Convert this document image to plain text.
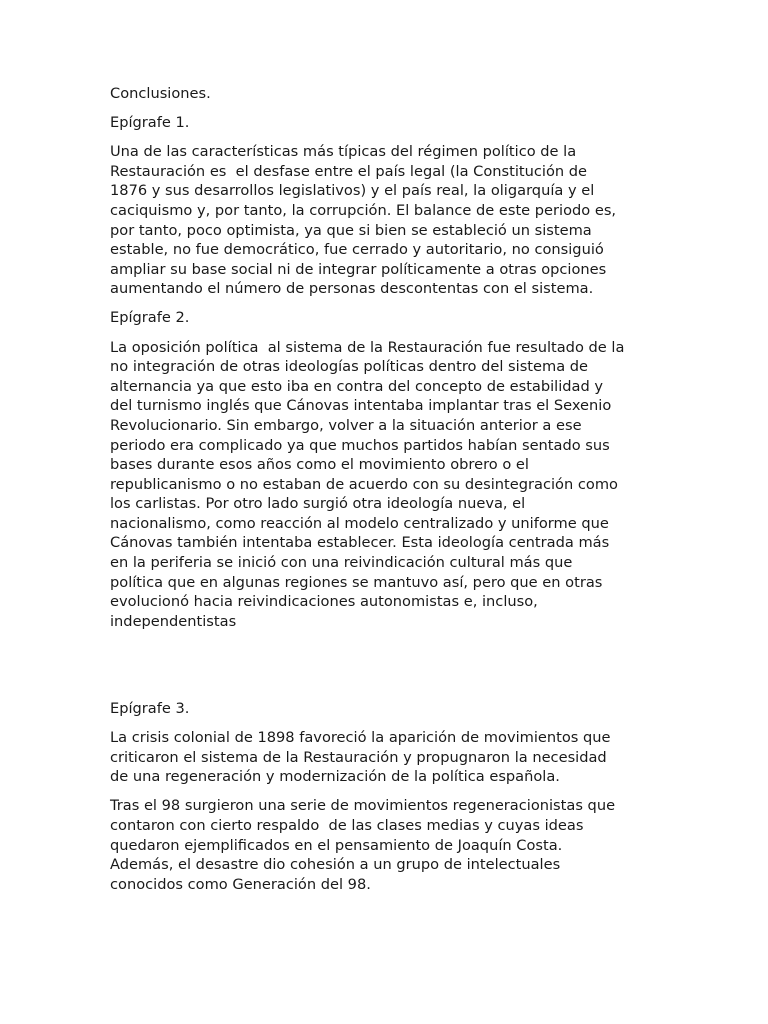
Conclusiones.

Epígrafe 1.

Una de las características más típicas del régimen político de la
Restauración es  el desfase entre el país legal (la Constitución de
1876 y sus desarrollos legislativos) y el país real, la oligarquía y el
caciquismo y, por tanto, la corrupción. El balance de este periodo es,
por tanto, poco optimista, ya que si bien se estableció un sistema
estable, no fue democrático, fue cerrado y autoritario, no consiguió
ampliar su base social ni de integrar políticamente a otras opciones
aumentando el número de personas descontentas con el sistema.

Epígrafe 2.

La oposición política  al sistema de la Restauración fue resultado de la
no integración de otras ideologías políticas dentro del sistema de
alternancia ya que esto iba en contra del concepto de estabilidad y
del turnismo inglés que Cánovas intentaba implantar tras el Sexenio
Revolucionario. Sin embargo, volver a la situación anterior a ese
periodo era complicado ya que muchos partidos habían sentado sus
bases durante esos años como el movimiento obrero o el
republicanismo o no estaban de acuerdo con su desintegración como
los carlistas. Por otro lado surgió otra ideología nueva, el
nacionalismo, como reacción al modelo centralizado y uniforme que
Cánovas también intentaba establecer. Esta ideología centrada más
en la periferia se inició con una reivindicación cultural más que
política que en algunas regiones se mantuvo así, pero que en otras
evolucionó hacia reivindicaciones autonomistas e, incluso,
independentistas

Epígrafe 3.

La crisis colonial de 1898 favoreció la aparición de movimientos que
criticaron el sistema de la Restauración y propugnaron la necesidad
de una regeneración y modernización de la política española.

Tras el 98 surgieron una serie de movimientos regeneracionistas que
contaron con cierto respaldo  de las clases medias y cuyas ideas
quedaron ejemplificados en el pensamiento de Joaquín Costa.
Además, el desastre dio cohesión a un grupo de intelectuales
conocidos como Generación del 98.
